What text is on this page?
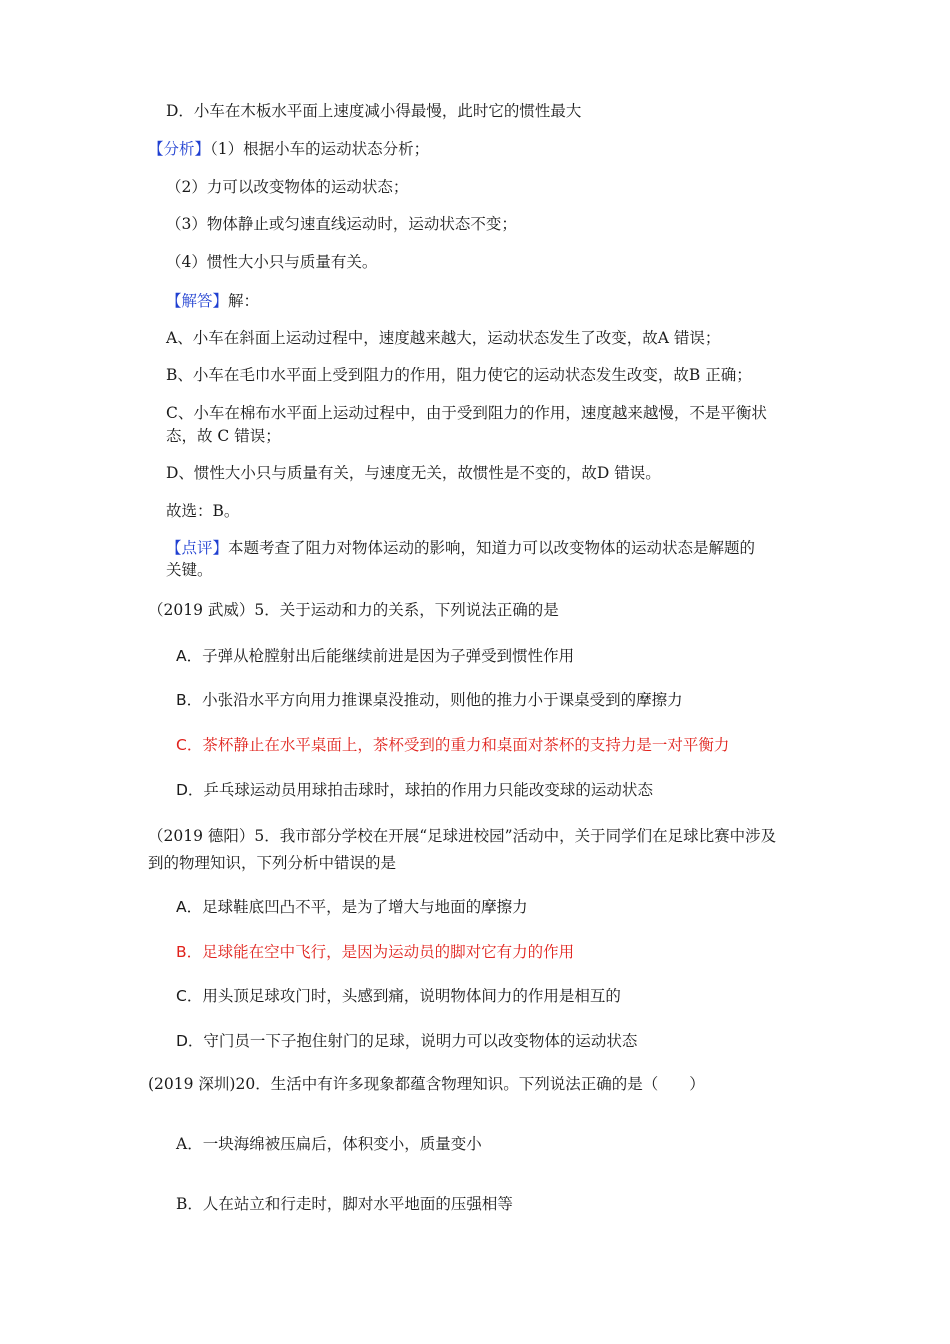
D．小车在木板水平面上速度减小得最慢，此时它的惯性最大
【分析】（1）根据小车的运动状态分析；
（2）力可以改变物体的运动状态；
（3）物体静止或匀速直线运动时，运动状态不变；
（4）惯性大小只与质量有关。
【解答】解：
A、小车在斜面上运动过程中，速度越来越大，运动状态发生了改变，故A 错误；
B、小车在毛巾水平面上受到阻力的作用，阻力使它的运动状态发生改变，故B 正确；
C、小车在棉布水平面上运动过程中，由于受到阻力的作用，速度越来越慢，不是平衡状
态，故 C 错误；
D、惯性大小只与质量有关，与速度无关，故惯性是不变的，故D 错误。
故选：B。
【点评】本题考查了阻力对物体运动的影响，知道力可以改变物体的运动状态是解题的
关键。
（2019 武威）5．关于运动和力的关系，下列说法正确的是
A．子弹从枪膛射出后能继续前进是因为子弹受到惯性作用
B．小张沿水平方向用力推课桌没推动，则他的推力小于课桌受到的摩擦力
C．茶杯静止在水平桌面上，茶杯受到的重力和桌面对茶杯的支持力是一对平衡力
D．乒乓球运动员用球拍击球时，球拍的作用力只能改变球的运动状态
（2019 德阳）5．我市部分学校在开展“足球进校园”活动中，关于同学们在足球比赛中涉及
到的物理知识，下列分析中错误的是
A．足球鞋底凹凸不平，是为了增大与地面的摩擦力
B．足球能在空中飞行，是因为运动员的脚对它有力的作用
C．用头顶足球攻门时，头感到痛，说明物体间力的作用是相互的
D．守门员一下子抱住射门的足球，说明力可以改变物体的运动状态
(2019 深圳)20．生活中有许多现象都蕴含物理知识。下列说法正确的是（　　）
A．一块海绵被压扁后，体积变小，质量变小
B．人在站立和行走时，脚对水平地面的压强相等
